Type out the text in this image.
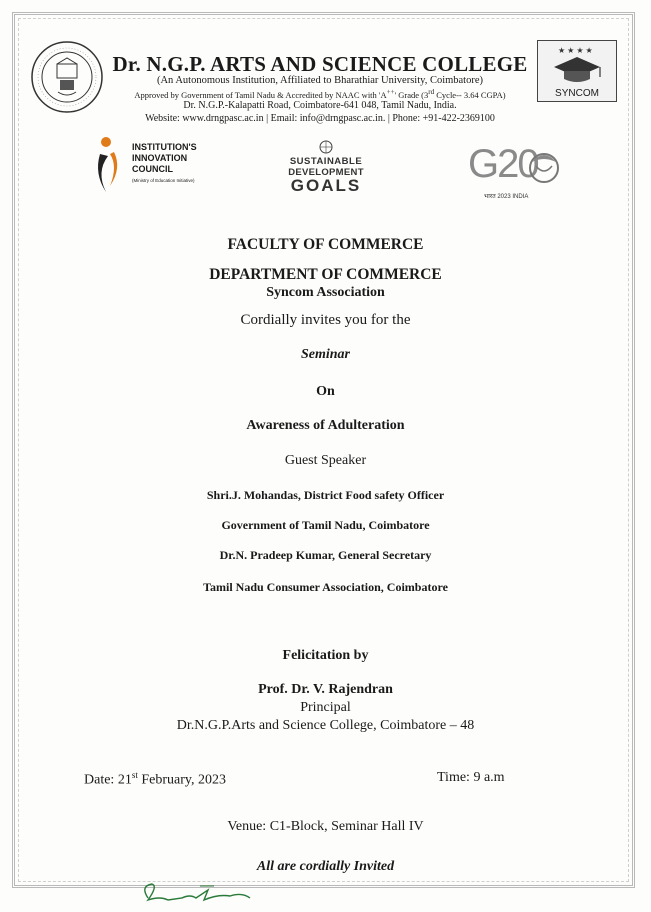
Dr. N.G.P. ARTS AND SCIENCE COLLEGE
(An Autonomous Institution, Affiliated to Bharathiar University, Coimbatore)
Approved by Government of Tamil Nadu & Accredited by NAAC with 'A++' Grade (3rd Cycle-- 3.64 CGPA)
Dr. N.G.P.-Kalapatti Road, Coimbatore-641 048, Tamil Nadu, India.
Website: www.drngpasc.ac.in | Email: info@drngpasc.ac.in. | Phone: +91-422-2369100
★ ★ ★ ★
SYNCOM
INSTITUTION'S
INNOVATION
COUNCIL
(Ministry of Education Initiative)
SUSTAINABLE
DEVELOPMENT
GOALS	G20
भारत 2023 INDIA
FACULTY OF COMMERCE
DEPARTMENT OF COMMERCE
Syncom Association
Cordially invites you for the
Seminar
On
Awareness of Adulteration
Guest Speaker
Shri.J. Mohandas, District Food safety Officer
Government of Tamil Nadu, Coimbatore
Dr.N. Pradeep Kumar, General Secretary
Tamil Nadu Consumer Association, Coimbatore
Felicitation by
Prof. Dr. V. Rajendran
Principal
Dr.N.G.P.Arts and Science College, Coimbatore – 48
Date: 21st February, 2023	Time: 9 a.m
Venue: C1-Block, Seminar Hall IV
All are cordially Invited
